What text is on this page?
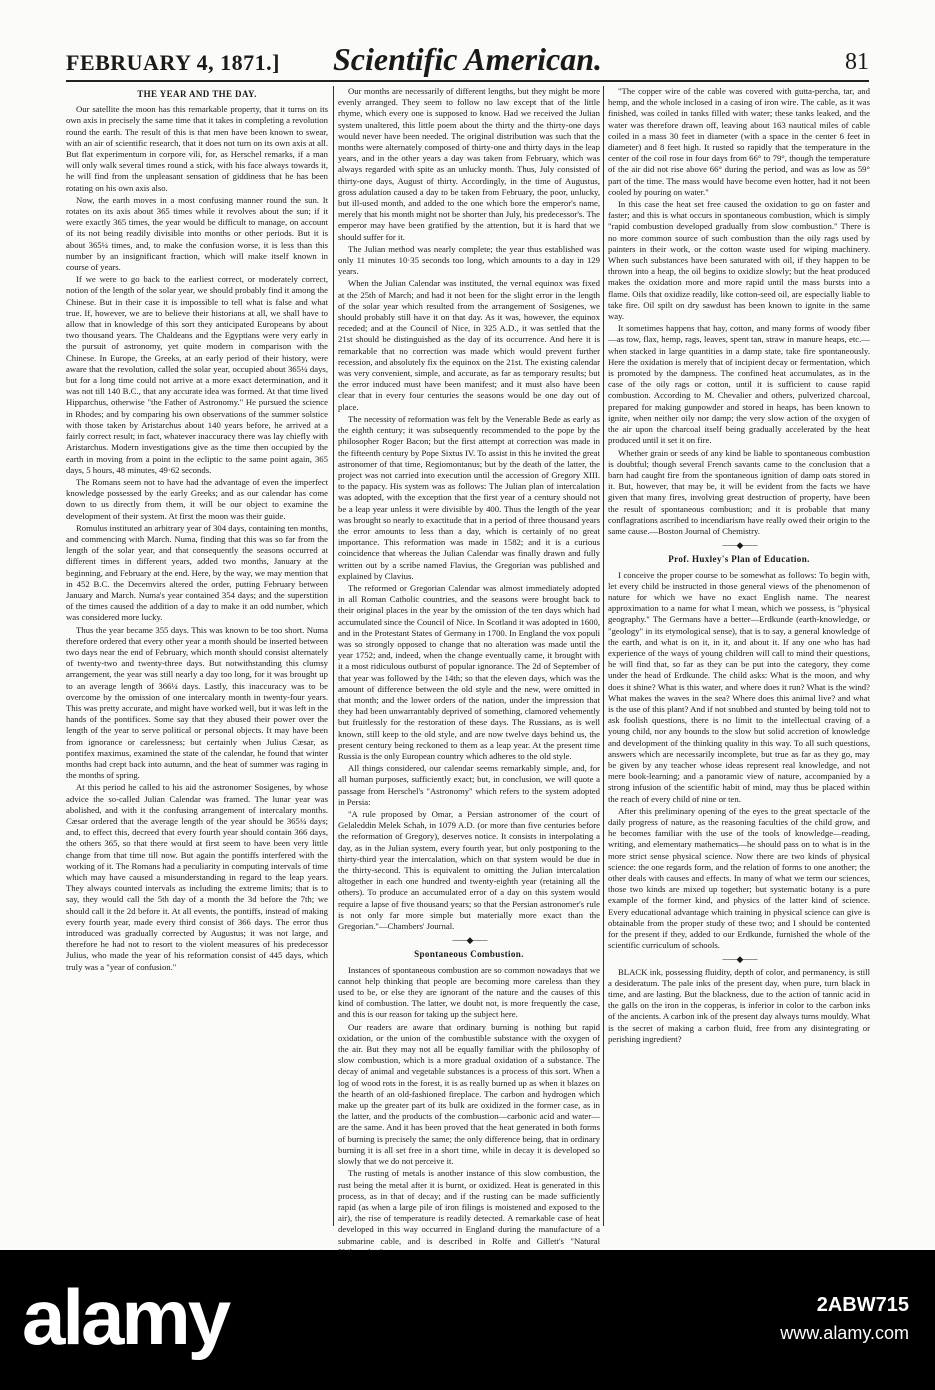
FEBRUARY 4, 1871.]	Scientific American.	81
THE YEAR AND THE DAY.

Our satellite the moon has this remarkable property, that it turns on its own axis in precisely the same time that it takes in completing a revolution round the earth. The result of this is that men have been known to swear, with an air of scientific research, that it does not turn on its own axis at all. But flat experimentum in corpore vili, for, as Herschel remarks, if a man will only walk several times round a stick, with his face always towards it, he will find from the unpleasant sensation of giddiness that he has been rotating on his own axis also.

Now, the earth moves in a most confusing manner round the sun. It rotates on its axis about 365 times while it revolves about the sun; if it were exactly 365 times, the year would be difficult to manage, on account of its not being readily divisible into months or other periods. But it is about 365¼ times, and, to make the confusion worse, it is less than this number by an insignificant fraction, which will make itself known in course of years.

If we were to go back to the earliest correct, or moderately correct, notion of the length of the solar year, we should probably find it among the Chinese. But in their case it is impossible to tell what is false and what true. If, however, we are to believe their historians at all, we shall have to allow that in knowledge of this sort they anticipated Europeans by about two thousand years. The Chaldeans and the Egyptians were very early in the pursuit of astronomy, yet quite modern in comparison with the Chinese. In Europe, the Greeks, at an early period of their history, were aware that the revolution, called the solar year, occupied about 365¼ days, but for a long time could not arrive at a more exact determination, and it was not till 140 B.C., that any accurate idea was formed. At that time lived Hipparchus, otherwise "the Father of Astronomy." He pursued the science in Rhodes; and by comparing his own observations of the summer solstice with those taken by Aristarchus about 140 years before, he arrived at a fairly correct result; in fact, whatever inaccuracy there was lay chiefly with Aristarchus. Modern investigations give as the time then occupied by the earth in moving from a point in the ecliptic to the same point again, 365 days, 5 hours, 48 minutes, 49·62 seconds.

The Romans seem not to have had the advantage of even the imperfect knowledge possessed by the early Greeks; and as our calendar has come down to us directly from them, it will be our object to examine the development of their system. At first the moon was their guide.

Romulus instituted an arbitrary year of 304 days, containing ten months, and commencing with March. Numa, finding that this was so far from the length of the solar year, and that consequently the seasons occurred at different times in different years, added two months, January at the beginning, and February at the end. Here, by the way, we may mention that in 452 B.C. the Decemvirs altered the order, putting February between January and March. Numa's year contained 354 days; and the superstition of the times caused the addition of a day to make it an odd number, which was considered more lucky.

Thus the year became 355 days. This was known to be too short. Numa therefore ordered that every other year a month should be inserted between two days near the end of February, which month should consist alternately of twenty-two and twenty-three days. But notwithstanding this clumsy arrangement, the year was still nearly a day too long, for it was brought up to an average length of 366¼ days. Lastly, this inaccuracy was to be overcome by the omission of one intercalary month in twenty-four years. This was pretty accurate, and might have worked well, but it was left in the hands of the pontifices. Some say that they abused their power over the length of the year to serve political or personal objects. It may have been from ignorance or carelessness; but certainly when Julius Cæsar, as pontifex maximus, examined the state of the calendar, he found that winter months had crept back into autumn, and the heat of summer was raging in the months of spring.

At this period he called to his aid the astronomer Sosigenes, by whose advice the so-called Julian Calendar was framed. The lunar year was abolished, and with it the confusing arrangement of intercalary months. Cæsar ordered that the average length of the year should be 365¼ days; and, to effect this, decreed that every fourth year should contain 366 days, the others 365, so that there would at first seem to have been very little change from that time till now. But again the pontiffs interfered with the working of it. The Romans had a peculiarity in computing intervals of time which may have caused a misunderstanding in regard to the leap years. They always counted intervals as including the extreme limits; that is to say, they would call the 5th day of a month the 3d before the 7th; we should call it the 2d before it. At all events, the pontiffs, instead of making every fourth year, made every third consist of 366 days. The error thus introduced was gradually corrected by Augustus; it was not large, and therefore he had not to resort to the violent measures of his predecessor Julius, who made the year of his reformation consist of 445 days, which truly was a "year of confusion."

Our months are necessarily of different lengths, but they might be more evenly arranged. They seem to follow no law except that of the little rhyme, which every one is supposed to know. Had we received the Julian system unaltered, this little poem about the thirty and the thirty-one days would never have been needed. The original distribution was such that the months were alternately composed of thirty-one and thirty days in the leap years, and in the other years a day was taken from February, which was always regarded with spite as an unlucky month. Thus, July consisted of thirty-one days, August of thirty. Accordingly, in the time of Augustus, gross adulation caused a day to be taken from February, the poor, unlucky, but ill-used month, and added to the one which bore the emperor's name, merely that his month might not be shorter than July, his predecessor's. The emperor may have been gratified by the attention, but it is hard that we should suffer for it.

The Julian method was nearly complete; the year thus established was only 11 minutes 10·35 seconds too long, which amounts to a day in 129 years.

When the Julian Calendar was instituted, the vernal equinox was fixed at the 25th of March; and had it not been for the slight error in the length of the solar year which resulted from the arrangement of Sosigenes, we should probably still have it on that day. As it was, however, the equinox receded; and at the Council of Nice, in 325 A.D., it was settled that the 21st should be distinguished as the day of its occurrence. And here it is remarkable that no correction was made which would prevent further recession, and absolutely fix the equinox on the 21st. The existing calendar was very convenient, simple, and accurate, as far as temporary results; but the error induced must have been manifest; and it must also have been clear that in every four centuries the seasons would be one day out of place.

The necessity of reformation was felt by the Venerable Bede as early as the eighth century; it was subsequently recommended to the pope by the philosopher Roger Bacon; but the first attempt at correction was made in the fifteenth century by Pope Sixtus IV. To assist in this he invited the great astronomer of that time, Regiomontanus; but by the death of the latter, the project was not carried into execution until the accession of Gregory XIII. to the papacy. His system was as follows: The Julian plan of intercalation was adopted, with the exception that the first year of a century should not be a leap year unless it were divisible by 400. Thus the length of the year was brought so nearly to exactitude that in a period of three thousand years the error amounts to less than a day, which is certainly of no great importance. This reformation was made in 1582; and it is a curious coincidence that whereas the Julian Calendar was finally drawn and fully written out by a scribe named Flavius, the Gregorian was published and explained by Clavius.

The reformed or Gregorian Calendar was almost immediately adopted in all Roman Catholic countries, and the seasons were brought back to their original places in the year by the omission of the ten days which had accumulated since the Council of Nice. In Scotland it was adopted in 1600, and in the Protestant States of Germany in 1700. In England the vox populi was so strongly opposed to change that no alteration was made until the year 1752; and, indeed, when the change eventually came, it brought with it a most ridiculous outburst of popular ignorance. The 2d of September of that year was followed by the 14th; so that the eleven days, which was the amount of difference between the old style and the new, were omitted in that month; and the lower orders of the nation, under the impression that they had been unwarrantably deprived of something, clamored vehemently but fruitlessly for the restoration of these days. The Russians, as is well known, still keep to the old style, and are now twelve days behind us, the present century being reckoned to them as a leap year. At the present time Russia is the only European country which adheres to the old style.

All things considered, our calendar seems remarkably simple, and, for all human purposes, sufficiently exact; but, in conclusion, we will quote a passage from Herschel's "Astronomy" which refers to the system adopted in Persia:

"A rule proposed by Omar, a Persian astronomer of the court of Gelaleddin Melek Schah, in 1079 A.D. (or more than five centuries before the reformation of Gregory), deserves notice. It consists in interpolating a day, as in the Julian system, every fourth year, but only postponing to the thirty-third year the intercalation, which on that system would be due in the thirty-second. This is equivalent to omitting the Julian intercalation altogether in each one hundred and twenty-eighth year (retaining all the others). To produce an accumulated error of a day on this system would require a lapse of five thousand years; so that the Persian astronomer's rule is not only far more simple but materially more exact than the Gregorian."—Chambers' Journal.

——◆——
Spontaneous Combustion.

Instances of spontaneous combustion are so common nowadays that we cannot help thinking that people are becoming more careless than they used to be, or else they are ignorant of the nature and the causes of this kind of combustion. The latter, we doubt not, is more frequently the case, and this is our reason for taking up the subject here.

Our readers are aware that ordinary burning is nothing but rapid oxidation, or the union of the combustible substance with the oxygen of the air. But they may not all be equally familiar with the philosophy of slow combustion, which is a more gradual oxidation of a substance. The decay of animal and vegetable substances is a process of this sort. When a log of wood rots in the forest, it is as really burned up as when it blazes on the hearth of an old-fashioned fireplace. The carbon and hydrogen which make up the greater part of its bulk are oxidized in the former case, as in the latter, and the products of the combustion—carbonic acid and water—are the same. And it has been proved that the heat generated in both forms of burning is precisely the same; the only difference being, that in ordinary burning it is all set free in a short time, while in decay it is developed so slowly that we do not perceive it.

The rusting of metals is another instance of this slow combustion, the rust being the metal after it is burnt, or oxidized. Heat is generated in this process, as in that of decay; and if the rusting can be made sufficiently rapid (as when a large pile of iron filings is moistened and exposed to the air), the rise of temperature is readily detected. A remarkable case of heat developed in this way occurred in England during the manufacture of a submarine cable, and is described in Rolfe and Gillett's "Natural

"The copper wire of the cable was covered with gutta-percha, tar, and hemp, and the whole inclosed in a casing of iron wire. The cable, as it was finished, was coiled in tanks filled with water; these tanks leaked, and the water was therefore drawn off, leaving about 163 nautical miles of cable coiled in a mass 30 feet in diameter (with a space in the center 6 feet in diameter) and 8 feet high. It rusted so rapidly that the temperature in the center of the coil rose in four days from 66° to 79°, though the temperature of the air did not rise above 66° during the period, and was as low as 59° part of the time. The mass would have become even hotter, had it not been cooled by pouring on water."

In this case the heat set free caused the oxidation to go on faster and faster; and this is what occurs in spontaneous combustion, which is simply "rapid combustion developed gradually from slow combustion." There is no more common source of such combustion than the oily rags used by painters in their work, or the cotton waste used for wiping machinery. When such substances have been saturated with oil, if they happen to be thrown into a heap, the oil begins to oxidize slowly; but the heat produced makes the oxidation more and more rapid until the mass bursts into a flame. Oils that oxidize readily, like cotton-seed oil, are especially liable to take fire. Oil spilt on dry sawdust has been known to ignite in the same way.

It sometimes happens that hay, cotton, and many forms of woody fiber—as tow, flax, hemp, rags, leaves, spent tan, straw in manure heaps, etc.—when stacked in large quantities in a damp state, take fire spontaneously. Here the oxidation is merely that of incipient decay or fermentation, which is promoted by the dampness. The confined heat accumulates, as in the case of the oily rags or cotton, until it is sufficient to cause rapid combustion. According to M. Chevalier and others, pulverized charcoal, prepared for making gunpowder and stored in heaps, has been known to ignite, when neither oily nor damp; the very slow action of the oxygen of the air upon the charcoal itself being gradually accelerated by the heat produced until it set it on fire.

Whether grain or seeds of any kind be liable to spontaneous combustion is doubtful; though several French savants came to the conclusion that a barn had caught fire from the spontaneous ignition of damp oats stored in it. But, however, that may be, it will be evident from the facts we have given that many fires, involving great destruction of property, have been the result of spontaneous combustion; and it is probable that many conflagrations ascribed to incendiarism have really owed their origin to the same cause.—Boston Journal of Chemistry.

——◆——
Prof. Huxley's Plan of Education.

I conceive the proper course to be somewhat as follows: To begin with, let every child be instructed in those general views of the phenomenon of nature for which we have no exact English name. The nearest approximation to a name for what I mean, which we possess, is "physical geography." The Germans have a better—Erdkunde (earth-knowledge, or "geology" in its etymological sense), that is to say, a general knowledge of the earth, and what is on it, in it, and about it. If any one who has had experience of the ways of young children will call to mind their questions, he will find that, so far as they can be put into the category, they come under the head of Erdkunde. The child asks: What is the moon, and why does it shine? What is this water, and where does it run? What is the wind? What makes the waves in the sea? Where does this animal live? and what is the use of this plant? And if not snubbed and stunted by being told not to ask foolish questions, there is no limit to the intellectual craving of a young child, nor any bounds to the slow but solid accretion of knowledge and development of the thinking quality in this way. To all such questions, answers which are necessarily incomplete, but true as far as they go, may be given by any teacher whose ideas represent real knowledge, and not mere book-learning; and a panoramic view of nature, accompanied by a strong infusion of the scientific habit of mind, may thus be placed within the reach of every child of nine or ten.

After this preliminary opening of the eyes to the great spectacle of the daily progress of nature, as the reasoning faculties of the child grow, and he becomes familiar with the use of the tools of knowledge—reading, writing, and elementary mathematics—he should pass on to what is in the more strict sense physical science. Now there are two kinds of physical science: the one regards form, and the relation of forms to one another; the other deals with causes and effects. In many of what we term our sciences, those two kinds are mixed up together; but systematic botany is a pure example of the former kind, and physics of the latter kind of science. Every educational advantage which training in physical science can give is obtainable from the proper study of these two; and I should be contented for the present if they, added to our Erdkunde, furnished the whole of the scientific curriculum of schools.

——◆——

BLACK ink, possessing fluidity, depth of color, and permanency, is still a desideratum. The pale inks of the present day, when pure, turn black in time, and are lasting. But the blackness, due to the action of tannic acid in the galls on the iron in the copperas, is inferior in color to the carbon inks of the ancients. A carbon ink of the present day always turns mouldy. What is the secret of making a carbon fluid, free from any disintegrating or perishing ingredient?

alamy	2ABW715
www.alamy.com
